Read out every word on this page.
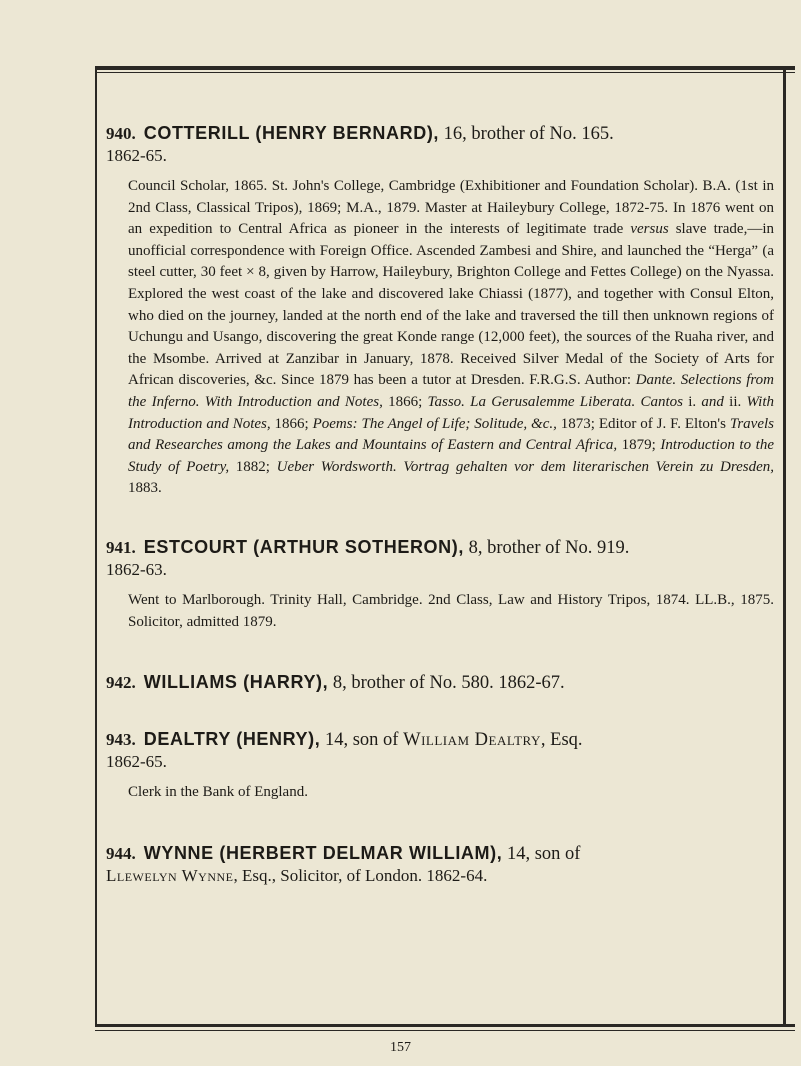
940. COTTERILL (HENRY BERNARD), 16, brother of No. 165.
1862-65.

Council Scholar, 1865. St. John's College, Cambridge (Exhibitioner and Foundation Scholar). B.A. (1st in 2nd Class, Classical Tripos), 1869; M.A., 1879. Master at Haileybury College, 1872-75. In 1876 went on an expedition to Central Africa as pioneer in the interests of legitimate trade versus slave trade,—in unofficial correspondence with Foreign Office. Ascended Zambesi and Shire, and launched the “Herga” (a steel cutter, 30 feet × 8, given by Harrow, Haileybury, Brighton College and Fettes College) on the Nyassa. Explored the west coast of the lake and discovered lake Chiassi (1877), and together with Consul Elton, who died on the journey, landed at the north end of the lake and traversed the till then unknown regions of Uchungu and Usango, discovering the great Konde range (12,000 feet), the sources of the Ruaha river, and the Msombe. Arrived at Zanzibar in January, 1878. Received Silver Medal of the Society of Arts for African discoveries, &c. Since 1879 has been a tutor at Dresden. F.R.G.S. Author: Dante. Selections from the Inferno. With Introduction and Notes, 1866; Tasso. La Gerusalemme Liberata. Cantos i. and ii. With Introduction and Notes, 1866; Poems: The Angel of Life; Solitude, &c., 1873; Editor of J. F. Elton's Travels and Researches among the Lakes and Mountains of Eastern and Central Africa, 1879; Introduction to the Study of Poetry, 1882; Ueber Wordsworth. Vortrag gehalten vor dem literarischen Verein zu Dresden, 1883.

941. ESTCOURT (ARTHUR SOTHERON), 8, brother of No. 919.
1862-63.

Went to Marlborough. Trinity Hall, Cambridge. 2nd Class, Law and History Tripos, 1874. LL.B., 1875. Solicitor, admitted 1879.

942. WILLIAMS (HARRY), 8, brother of No. 580. 1862-67.

943. DEALTRY (HENRY), 14, son of William Dealtry, Esq.
1862-65.

Clerk in the Bank of England.

944. WYNNE (HERBERT DELMAR WILLIAM), 14, son of
Llewelyn Wynne, Esq., Solicitor, of London. 1862-64.

157
